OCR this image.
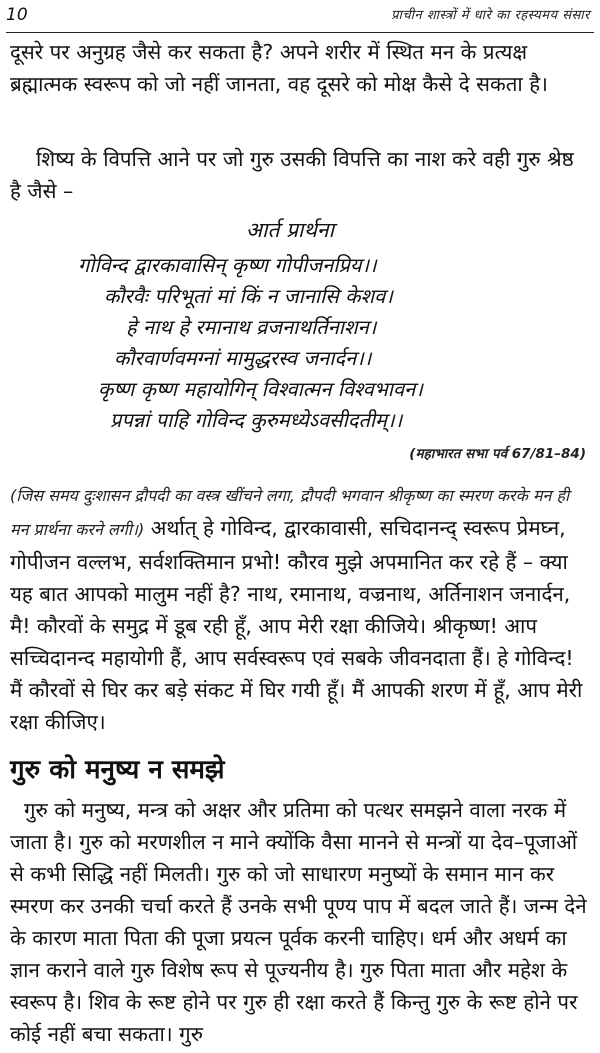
10	प्राचीन शास्त्रों में धारे का रहस्यमय संसार

दूसरे पर अनुग्रह जैसे कर सकता है? अपने शरीर में स्थित मन के प्रत्यक्ष ब्रह्मात्मक स्वरूप को जो नहीं जानता, वह दूसरे को मोक्ष कैसे दे सकता है।

शिष्य के विपत्ति आने पर जो गुरु उसकी विपत्ति का नाश करे वही गुरु श्रेष्ठ है जैसे –

आर्त प्रार्थना

गोविन्द द्वारकावासिन् कृष्ण गोपीजनप्रिय।।

कौरवैः परिभूतां मां किं न जानासि केशव।

हे नाथ हे रमानाथ व्रजनाथर्तिनाशन।

कौरवार्णवमग्नां मामुद्धरस्व जनार्दन।।

कृष्ण कृष्ण महायोगिन् विश्वात्मन विश्वभावन।

प्रपन्नां पाहि गोविन्द कुरुमध्येऽवसीदतीम्।।

(महाभारत सभा पर्व 67/81–84)

(जिस समय दुःशासन द्रौपदी का वस्त्र खींचने लगा, द्रौपदी भगवान श्रीकृष्ण का स्मरण करके मन ही मन प्रार्थना करने लगी।) अर्थात् हे गोविन्द, द्वारकावासी, सचिदानन्द् स्वरूप प्रेमघ्न, गोपीजन वल्लभ, सर्वशक्तिमान प्रभो! कौरव मुझे अपमानित कर रहे हैं – क्या यह बात आपको मालुम नहीं है? नाथ, रमानाथ, वज्रनाथ, अर्तिनाशन जनार्दन, मै! कौरवों के समुद्र में डूब रही हूँ, आप मेरी रक्षा कीजिये। श्रीकृष्ण! आप सच्चिदानन्द महायोगी हैं, आप सर्वस्वरूप एवं सबके जीवनदाता हैं। हे गोविन्द! मैं कौरवों से घिर कर बड़े संकट में घिर गयी हूँ। मैं आपकी शरण में हूँ, आप मेरी रक्षा कीजिए।

गुरु को मनुष्य न समझे

गुरु को मनुष्य, मन्त्र को अक्षर और प्रतिमा को पत्थर समझने वाला नरक में जाता है। गुरु को मरणशील न माने क्योंकि वैसा मानने से मन्त्रों या देव–पूजाओं से कभी सिद्धि नहीं मिलती। गुरु को जो साधारण मनुष्यों के समान मान कर स्मरण कर उनकी चर्चा करते हैं उनके सभी पूण्य पाप में बदल जाते हैं। जन्म देने के कारण माता पिता की पूजा प्रयत्न पूर्वक करनी चाहिए। धर्म और अधर्म का ज्ञान कराने वाले गुरु विशेष रूप से पूज्यनीय है। गुरु पिता माता और महेश के स्वरूप है। शिव के रूष्ट होने पर गुरु ही रक्षा करते हैं किन्तु गुरु के रूष्ट होने पर कोई नहीं बचा सकता। गुरु
